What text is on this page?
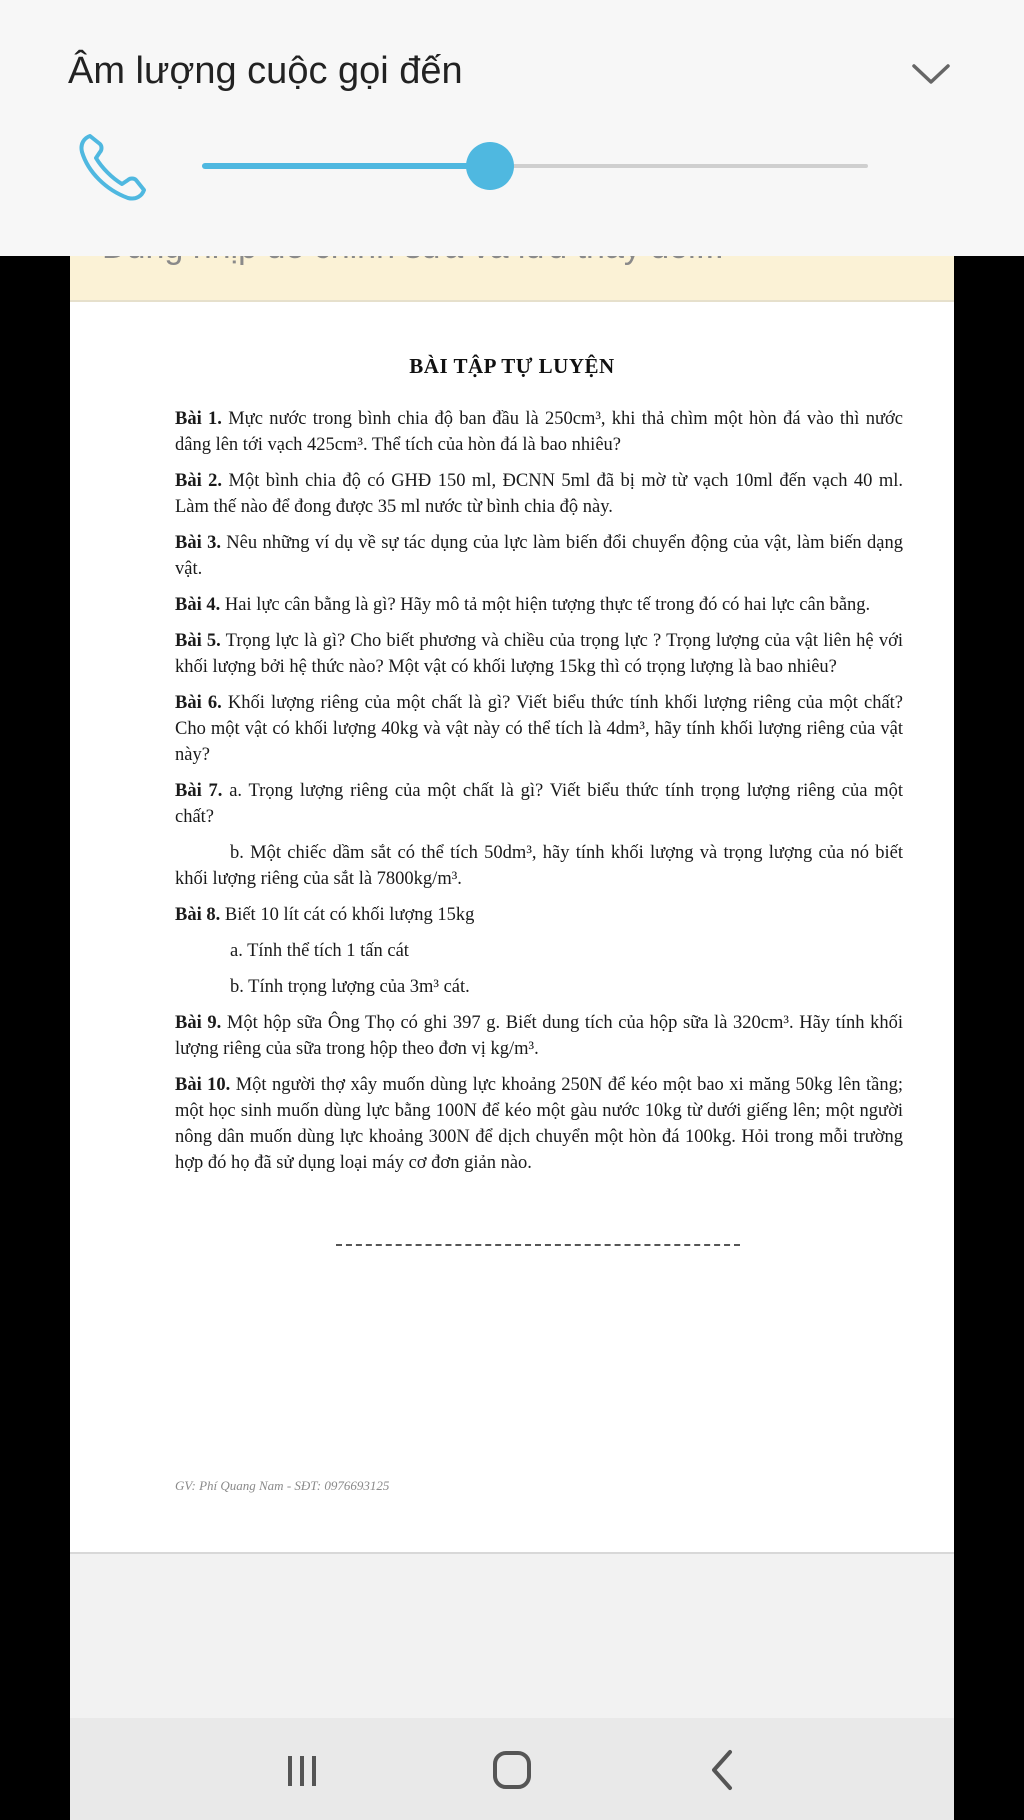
BÀI TẬP TỰ LUYỆN

Bài 1. Mực nước trong bình chia độ ban đầu là 250cm³, khi thả chìm một hòn đá vào thì nước dâng lên tới vạch 425cm³. Thể tích của hòn đá là bao nhiêu?

Bài 2. Một bình chia độ có GHĐ 150 ml, ĐCNN 5ml đã bị mờ từ vạch 10ml đến vạch 40 ml. Làm thế nào để đong được 35 ml nước từ bình chia độ này.

Bài 3. Nêu những ví dụ về sự tác dụng của lực làm biến đổi chuyển động của vật, làm biến dạng vật.

Bài 4. Hai lực cân bằng là gì? Hãy mô tả một hiện tượng thực tế trong đó có hai lực cân bằng.

Bài 5. Trọng lực là gì? Cho biết phương và chiều của trọng lực ? Trọng lượng của vật liên hệ với khối lượng bởi hệ thức nào? Một vật có khối lượng 15kg thì có trọng lượng là bao nhiêu?

Bài 6. Khối lượng riêng của một chất là gì? Viết biểu thức tính khối lượng riêng của một chất? Cho một vật có khối lượng 40kg và vật này có thể tích là 4dm³, hãy tính khối lượng riêng của vật này?

Bài 7. a. Trọng lượng riêng của một chất là gì? Viết biểu thức tính trọng lượng riêng của một chất?

b. Một chiếc dầm sắt có thể tích 50dm³, hãy tính khối lượng và trọng lượng của nó biết khối lượng riêng của sắt là 7800kg/m³.

Bài 8. Biết 10 lít cát có khối lượng 15kg

a. Tính thể tích 1 tấn cát

b. Tính trọng lượng của 3m³ cát.

Bài 9. Một hộp sữa Ông Thọ có ghi 397 g. Biết dung tích của hộp sữa là 320cm³. Hãy tính khối lượng riêng của sữa trong hộp theo đơn vị kg/m³.

Bài 10. Một người thợ xây muốn dùng lực khoảng 250N để kéo một bao xi măng 50kg lên tầng; một học sinh muốn dùng lực bằng 100N để kéo một gàu nước 10kg từ dưới giếng lên; một người nông dân muốn dùng lực khoảng 300N để dịch chuyển một hòn đá 100kg. Hỏi trong mỗi trường hợp đó họ đã sử dụng loại máy cơ đơn giản nào.

GV: Phí Quang Nam - SĐT: 0976693125
Âm lượng cuộc gọi đến
